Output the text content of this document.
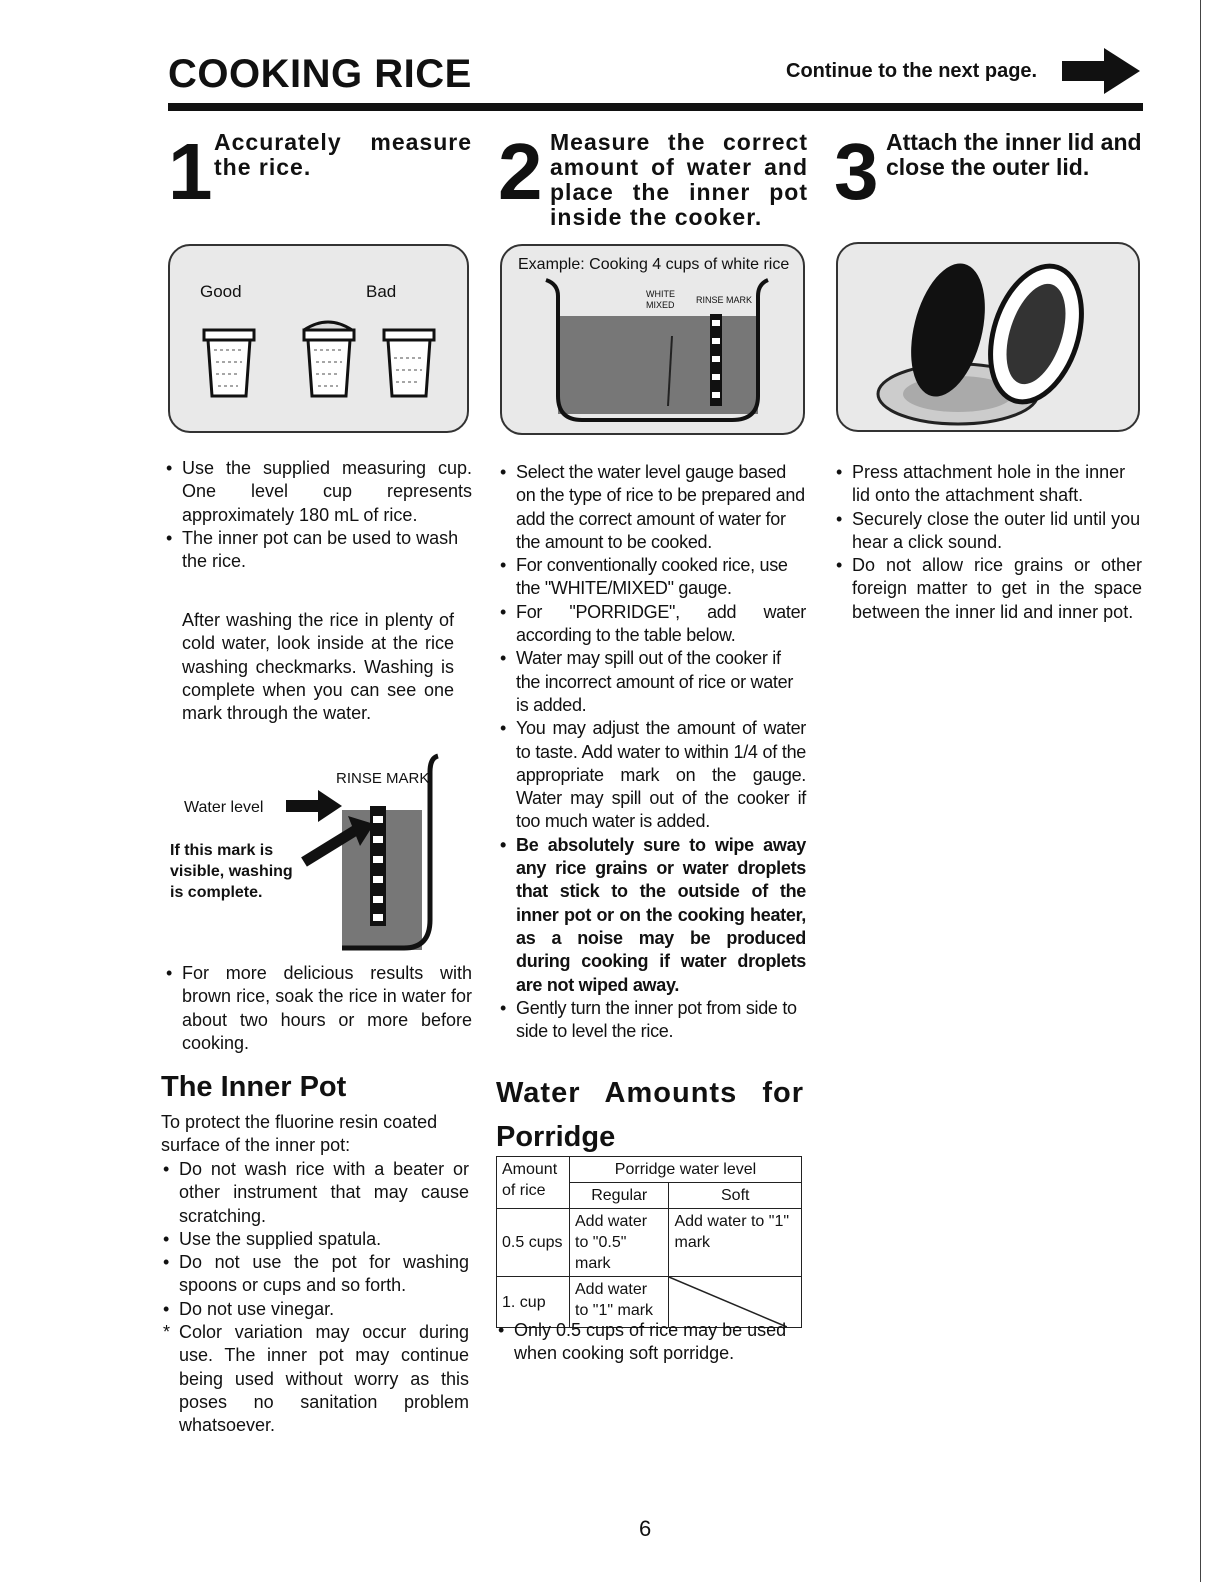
COOKING RICE	Continue to the next page.
1 Accurately measure
the rice.	2 Measure the correct
amount of water and
place the inner pot
inside the cooker.
3 Attach the inner lid and
close the outer lid.
Good	Bad
Example: Cooking 4 cups of white rice
WHITE
MIXED RINSE MARK
• Use the supplied measuring cup. One level cup represents approximately 180 mL of rice.
• The inner pot can be used to wash the rice.
After washing the rice in plenty of cold water, look inside at the rice washing checkmarks. Washing is complete when you can see one mark through the water.
RINSE MARK
Water level
If this mark is
visible, washing
is complete.
• For more delicious results with brown rice, soak the rice in water for about two hours or more before cooking.
The Inner Pot
To protect the fluorine resin coated surface of the inner pot:
• Do not wash rice with a beater or other instrument that may cause scratching.
• Use the supplied spatula.
• Do not use the pot for washing spoons or cups and so forth.
• Do not use vinegar.
* Color variation may occur during use. The inner pot may continue being used without worry as this poses no sanitation problem whatsoever.
• Select the water level gauge based on the type of rice to be prepared and add the correct amount of water for the amount to be cooked.
• For conventionally cooked rice, use the "WHITE/MIXED" gauge.
• For "PORRIDGE", add water according to the table below.
• Water may spill out of the cooker if the incorrect amount of rice or water is added.
• You may adjust the amount of water to taste. Add water to within 1/4 of the appropriate mark on the gauge. Water may spill out of the cooker if too much water is added.
• Be absolutely sure to wipe away any rice grains or water droplets that stick to the outside of the inner pot or on the cooking heater, as a noise may be produced during cooking if water droplets are not wiped away.
• Gently turn the inner pot from side to side to level the rice.
Water Amounts for
Porridge
Amount of rice	Porridge water level	
	Regular	Soft
0.5 cups	Add water to "0.5" mark	Add water to "1" mark
1. cup	Add water to "1" mark	
• Only 0.5 cups of rice may be used when cooking soft porridge.
• Press attachment hole in the inner lid onto the attachment shaft.
• Securely close the outer lid until you hear a click sound.
• Do not allow rice grains or other foreign matter to get in the space between the inner lid and inner pot.
6
